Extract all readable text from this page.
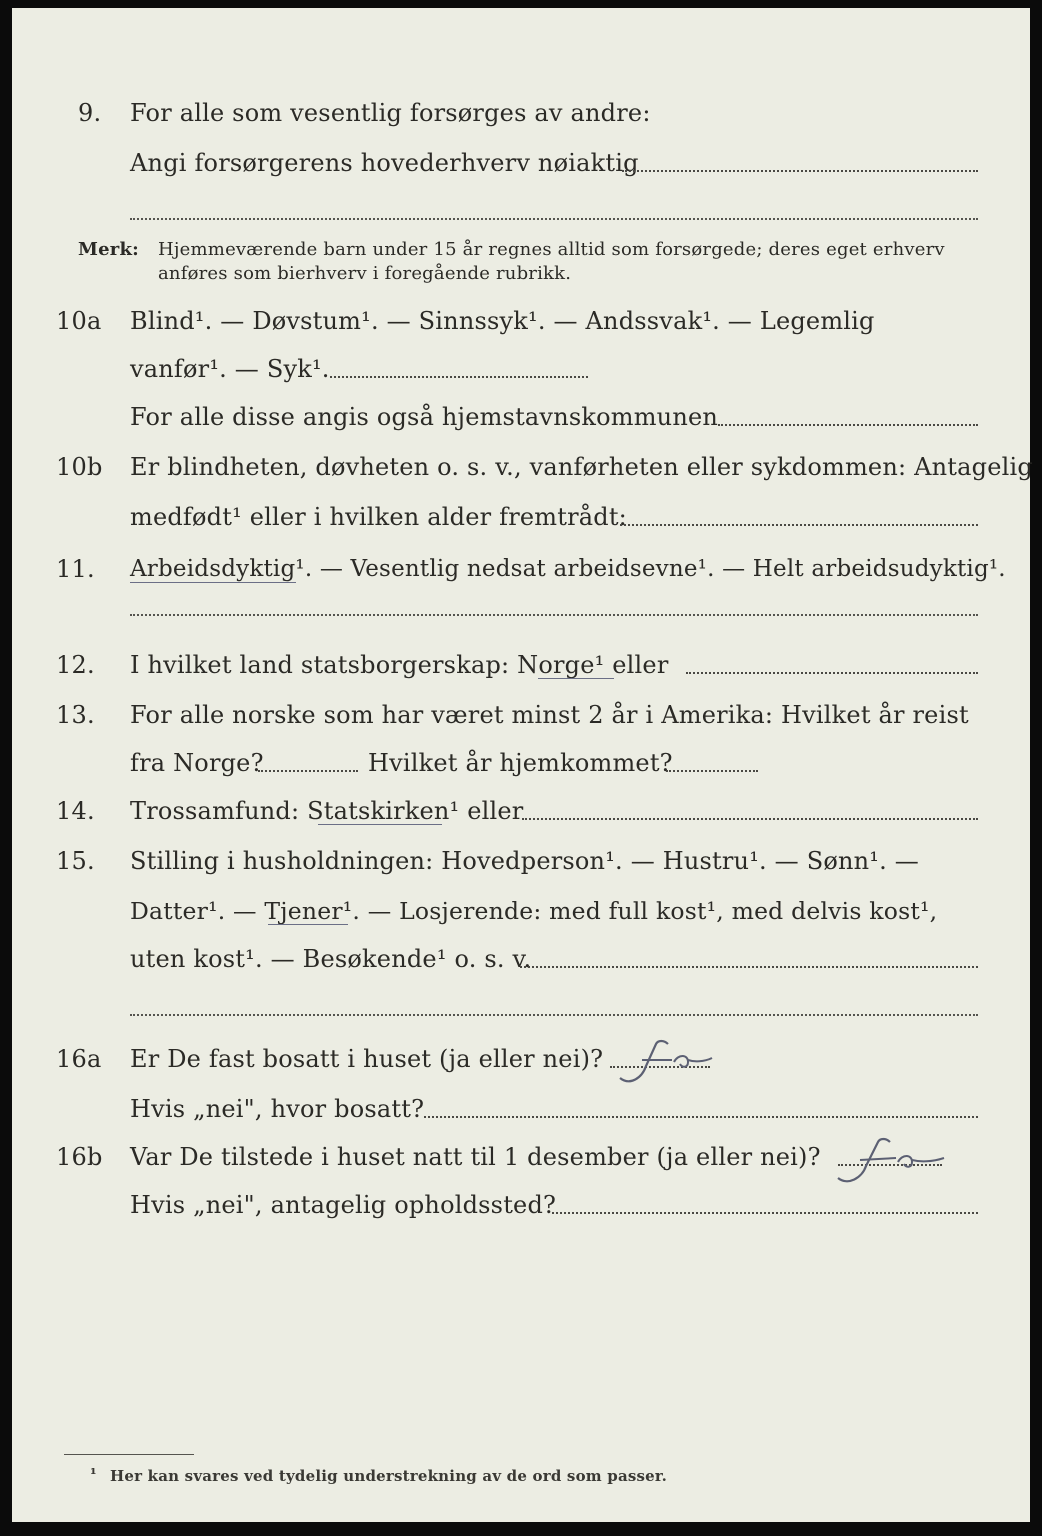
9. For alle som vesentlig forsørges av andre:
Angi forsørgerens hovederhverv nøiaktig
Merk: Hjemmeværende barn under 15 år regnes alltid som forsørgede; deres eget erhverv
anføres som bierhverv i foregående rubrikk.
10a Blind¹. — Døvstum¹. — Sinnssyk¹. — Andssvak¹. — Legemlig
vanfør¹. — Syk¹.
For alle disse angis også hjemstavnskommunen
10b Er blindheten, døvheten o. s. v., vanførheten eller sykdommen: Antagelig
medfødt¹ eller i hvilken alder fremtrådt:
11. Arbeidsdyktig¹. — Vesentlig nedsat arbeidsevne¹. — Helt arbeidsudyktig¹.
12. I hvilket land statsborgerskap: Norge¹ eller
13. For alle norske som har været minst 2 år i Amerika: Hvilket år reist
fra Norge?	Hvilket år hjemkommet?
14. Trossamfund: Statskirken¹ eller
15. Stilling i husholdningen: Hovedperson¹. — Hustru¹. — Sønn¹. —
Datter¹. — Tjener¹. — Losjerende: med full kost¹, med delvis kost¹,
uten kost¹. — Besøkende¹ o. s. v.
16a Er De fast bosatt i huset (ja eller nei)?
Hvis „nei", hvor bosatt?
16b Var De tilstede i huset natt til 1 desember (ja eller nei)?
Hvis „nei", antagelig opholdssted?
¹ Her kan svares ved tydelig understrekning av de ord som passer.
